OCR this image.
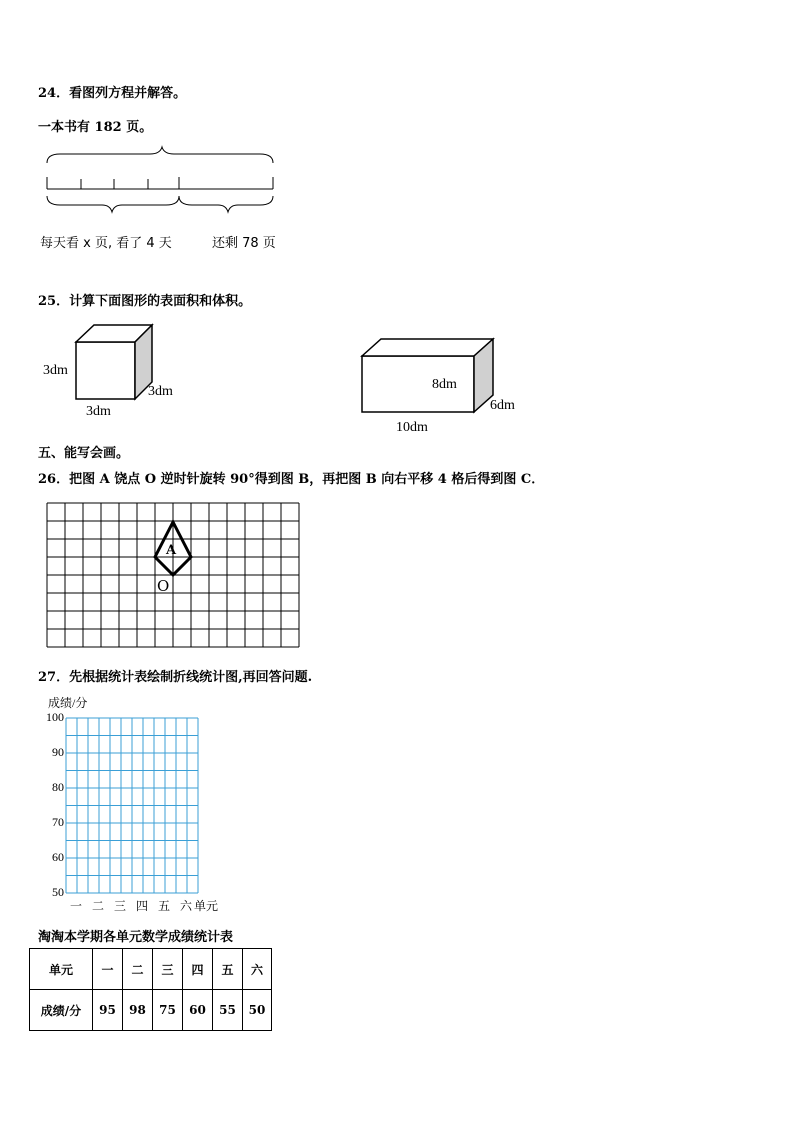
24．看图列方程并解答。
一本书有 182 页。
每天看 x 页, 看了 4 天	还剩 78 页
25．计算下面图形的表面积和体积。
3dm
3dm
3dm
8dm
6dm
10dm
五、能写会画。
26．把图 A 饶点 O 逆时针旋转 90°得到图 B，再把图 B 向右平移 4 格后得到图 C．
A
O
27．先根据统计表绘制折线统计图,再回答问题.
成绩/分
100
90
80
70
60
50
一 二 三 四 五 六 单元
淘淘本学期各单元数学成绩统计表
单元	一	二	三	四	五	六
成绩/分	95	98	75	60	55	50
